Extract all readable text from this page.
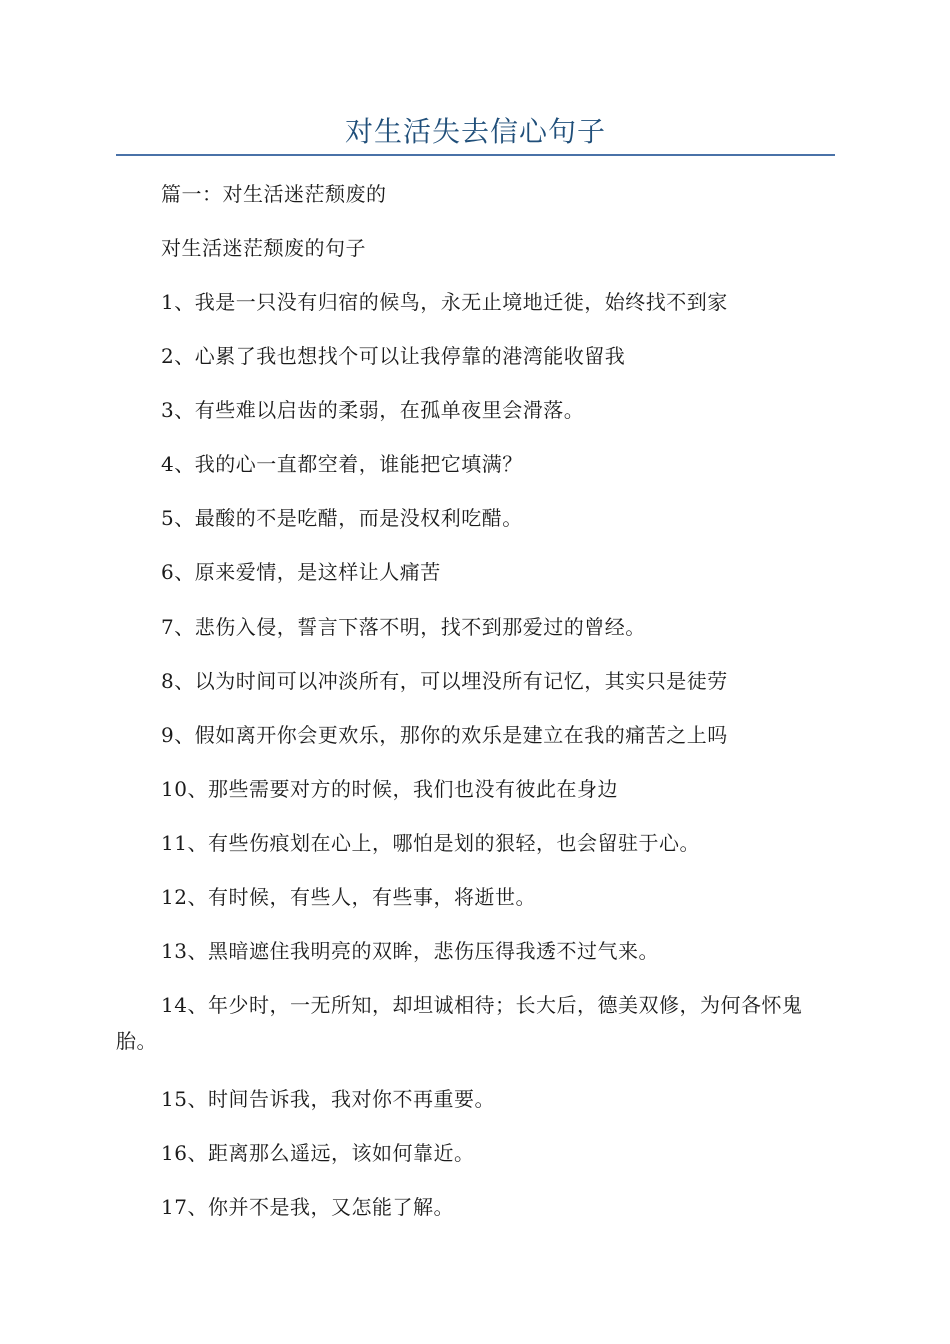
对生活失去信心句子

篇一：对生活迷茫颓废的

对生活迷茫颓废的句子

1、我是一只没有归宿的候鸟，永无止境地迁徙，始终找不到家

2、心累了我也想找个可以让我停靠的港湾能收留我

3、有些难以启齿的柔弱，在孤单夜里会滑落。

4、我的心一直都空着，谁能把它填满？

5、最酸的不是吃醋，而是没权利吃醋。

6、原来爱情，是这样让人痛苦

7、悲伤入侵，誓言下落不明，找不到那爱过的曾经。

8、以为时间可以冲淡所有，可以埋没所有记忆，其实只是徒劳

9、假如离开你会更欢乐，那你的欢乐是建立在我的痛苦之上吗

10、那些需要对方的时候，我们也没有彼此在身边

11、有些伤痕划在心上，哪怕是划的狠轻，也会留驻于心。

12、有时候，有些人，有些事，将逝世。

13、黑暗遮住我明亮的双眸，悲伤压得我透不过气来。

14、年少时，一无所知，却坦诚相待；长大后，德美双修，为何各怀鬼胎。

15、时间告诉我，我对你不再重要。

16、距离那么遥远，该如何靠近。

17、你并不是我，又怎能了解。
